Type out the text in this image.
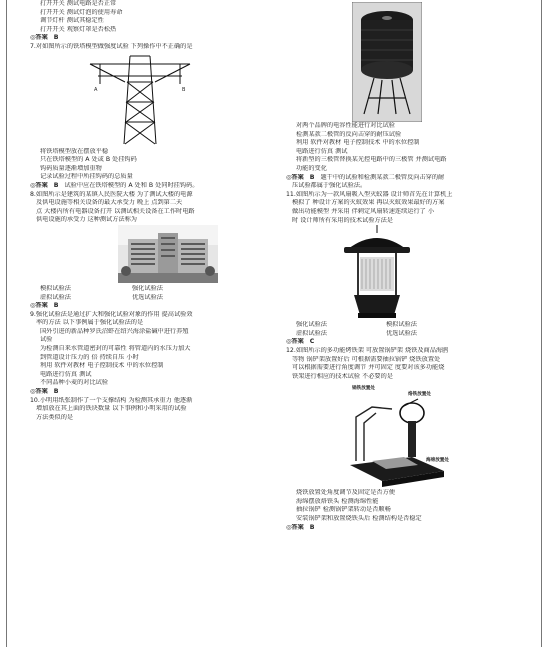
打开开关 测试电路是否正常
打开开关 测试灯泡的使用寿命
调节灯杆 测试其稳定性
打开开关 观察灯罩是否松热
◎答案 B
7.对如图所示的铁塔模型做强度试验 下列操作中不正确的是
A	B
将铁塔模型放在摆放平稳
只在铁塔模型的 A 处或 B 处挂钩码
钩码质量逐渐增加重物
记录试验过程中所挂钩码的总质量
◎答案 B 试验中应在铁塔模型的 A 处和 B 处同时挂钩码。
8.如图所示是建筑的某镇人民医院大楼 为了测试大楼的电源
及供电设施等相关设备的最大承受力 晚上 点到第二天
点 大楼内所有电器设备打开 以测试相关设备在工作时电路
供电设施的承受力 这种测试方法称为
模拟试验法	强化试验法
虚拟试验法	优选试验法
◎答案 B
9.强化试验法是通过扩大和强化试验对象的作用 提高试验效
率的方法 以下事例属于强化试验法的是
国外引进的新品种罗氏沼虾在绍兴海涂盐碱中进行养殖
试验
为检测自来水管道密封的可靠性 将管道内的水压力加大
到管道设计压力的 倍 持续自压 小时
利用 软件对教材 电子控制技术 中的水位控制
电路进行仿真 测试
不同品种小麦的对比试验
◎答案 B
10.小明用纸张制作了一个支撑结构 为检测其承重力 他逐渐
增加放在其上面的铁块数量 以下事例和小明采用的试验
方法类似的是
对两个品牌的电容性能进行对比试验
检测某款二极管的反向击穿的耐压试验
利用 软件对教材 电子控制技术 中的水位控制
电路进行仿真 测试
将新型的三极管替换某光控电路中的三极管 并测试电路
功能的变化
◎答案 B 题干中的试验和检测某款二极管反向击穿的耐
压试验都属于强化试验法。
11.如图所示为一款风扇吸入型灭蚊器 设计师首先在计算机上
模拟了 种设计方案的灭蚊效果 再以灭蚊效果最好的方案
做出功能模型 并采用 伴刺定风扇转速连续运行了 小
时 设计师所有采用的技术试验方法是
强化试验法	模拟试验法
虚拟试验法	优选试验法
◎答案 C
12.如图所示的多功能烤铁架 可放置锅铲架 烧铁及商品海鸥
等物 锅铲架放置好后 可根据需要抽拉锅铲 烧铁放置处
可以根据需要进行角度调节 并可固定 度要对该多功能烧
铁架进行相应的技术试验 不必要的是
锅铁放置处
烙铁放置处
海绵放置处
烧铁放置处角度调节及固定是否方便
海绵摆放烙铁头 检测海绵性能
抽拉锅铲 检测锅铲架转动是否顺畅
安装锅铲架和放置烧铁头后 检测结构是否稳定
◎答案 B
